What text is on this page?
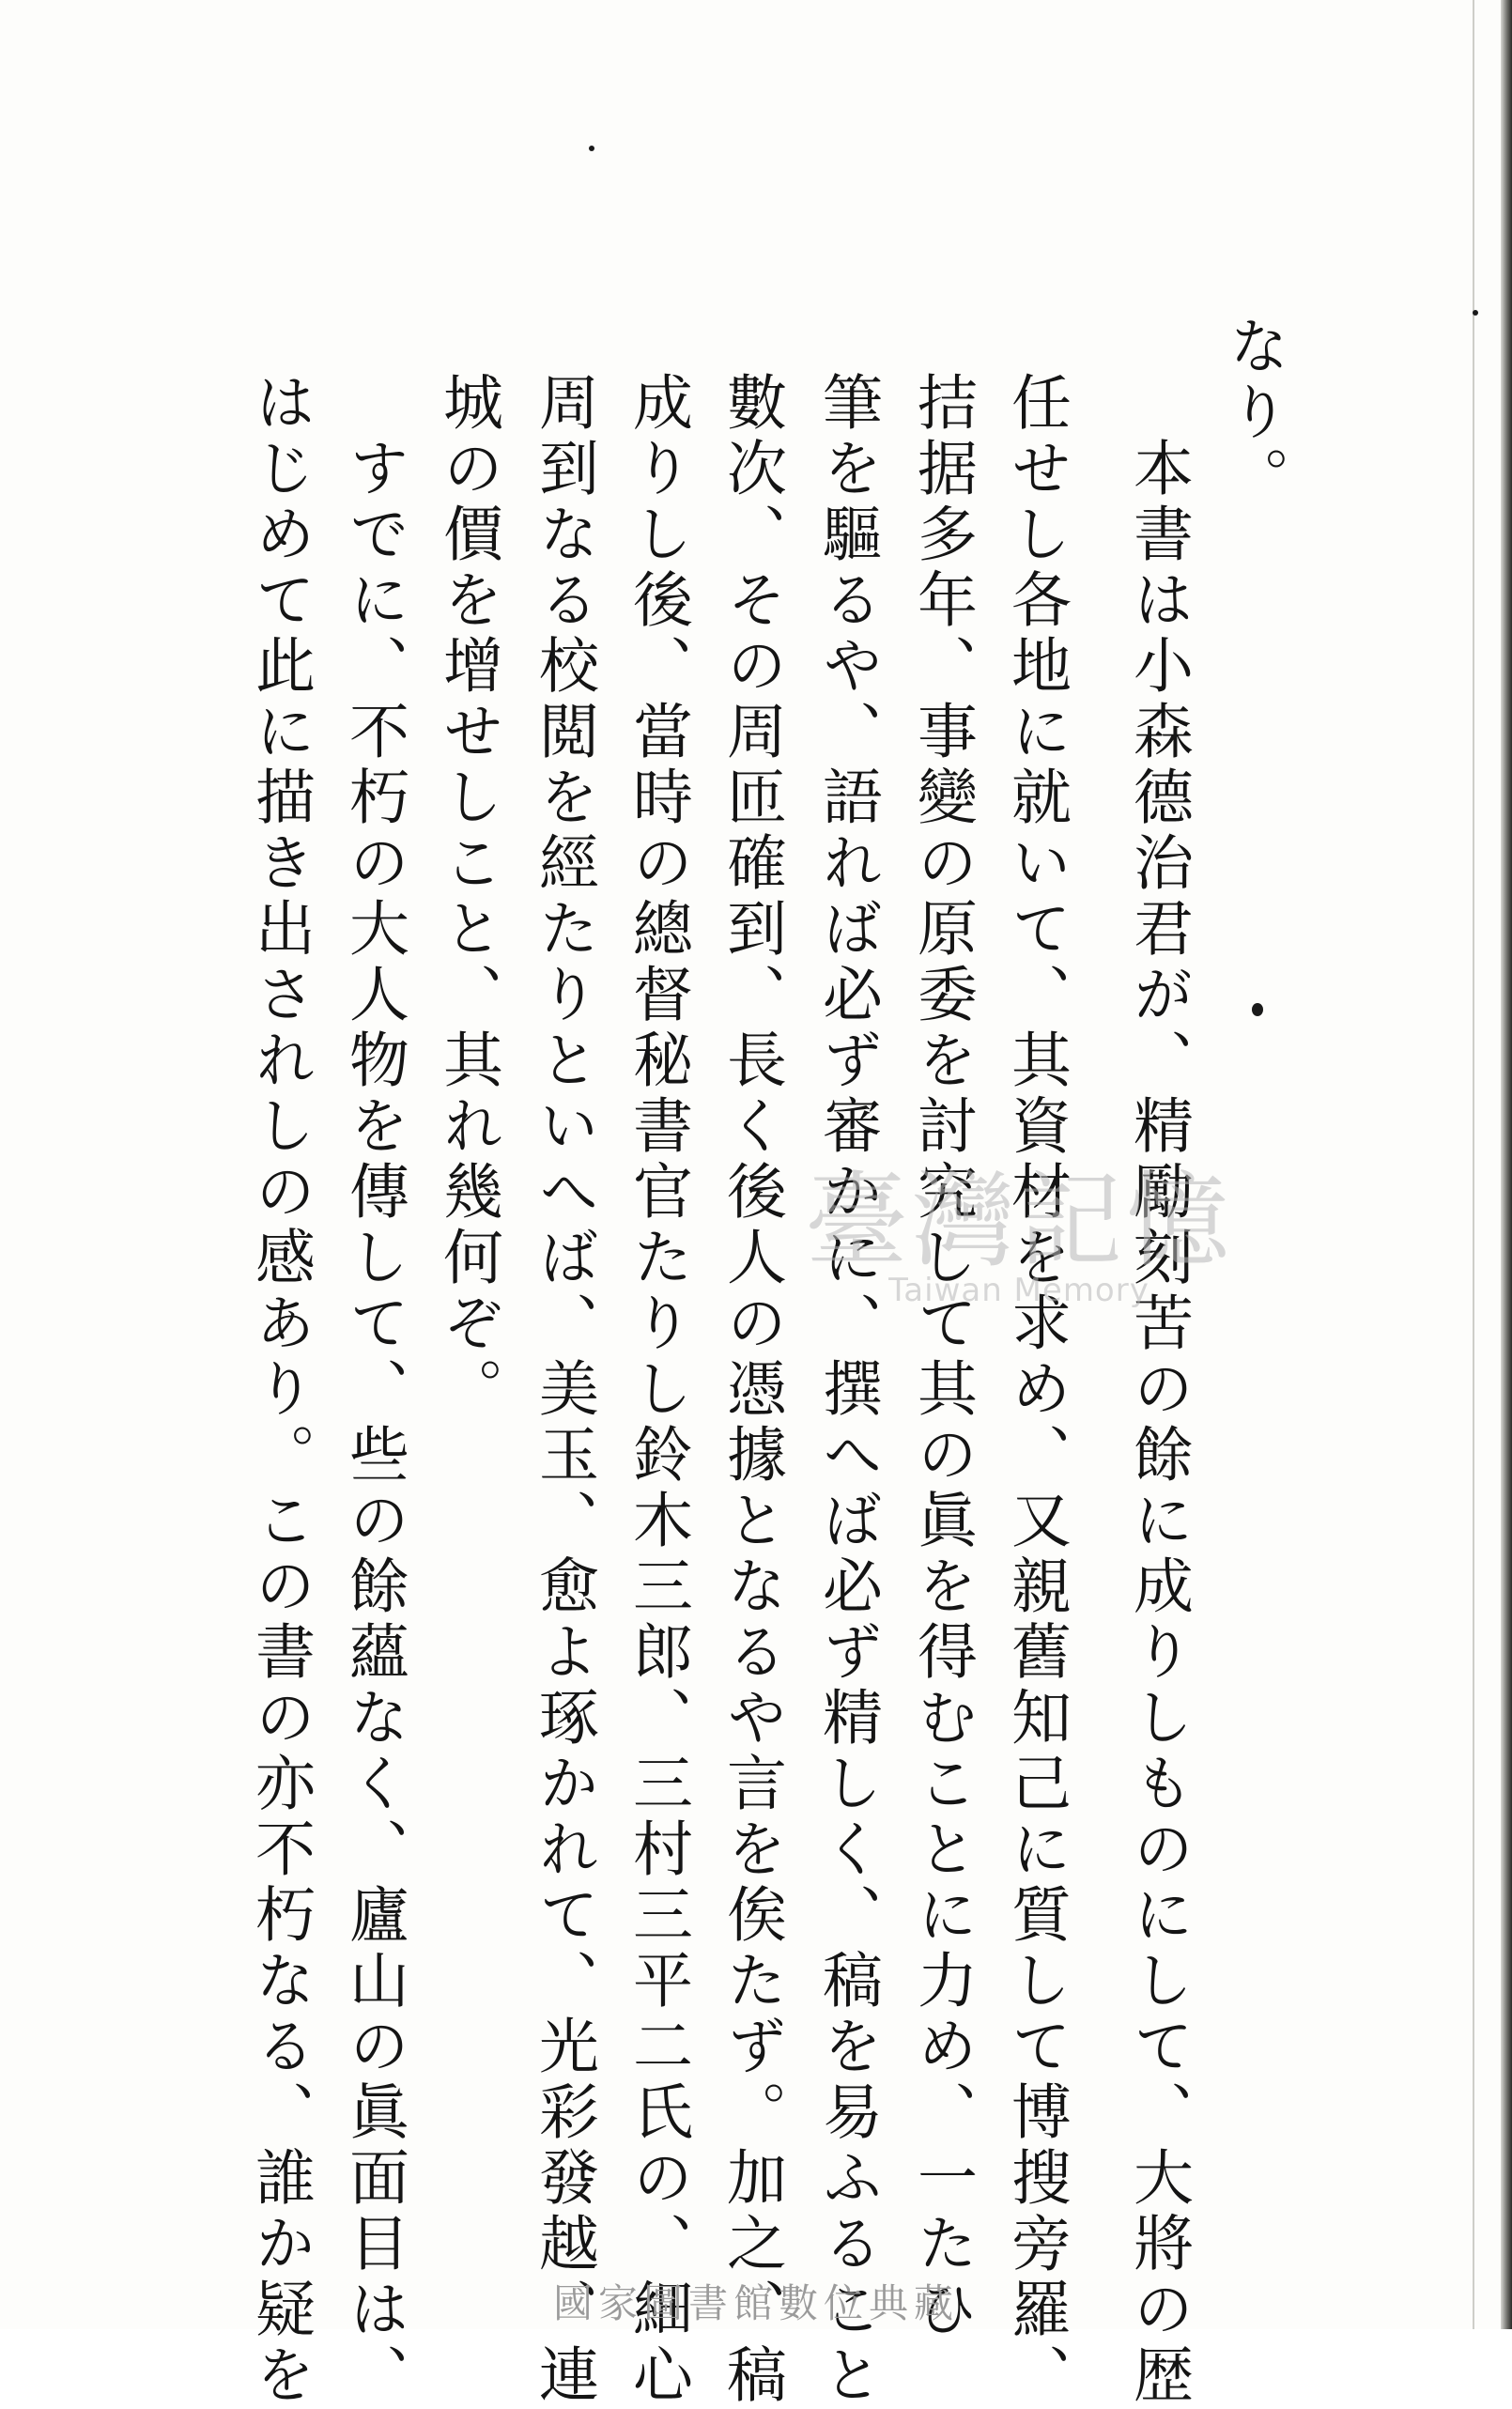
なり。
本書は小森德治君が、精勵刻苦の餘に成りしものにして、大將の歴
任せし各地に就いて、其資材を求め、又親舊知己に質して博搜旁羅、
拮据多年、事變の原委を討究して其の眞を得むことに力め、一たひ
筆を驅るや、語れば必ず審かに、撰へば必ず精しく、稿を易ふること
數次、その周匝確到、長く後人の憑據となるや言を俟たず。加之、稿
成りし後、當時の總督秘書官たりし鈴木三郎、三村三平二氏の、細心
周到なる校閲を經たりといへば、美玉、愈よ琢かれて、光彩發越、連
城の價を增せしこと、其れ幾何ぞ。
すでに、不朽の大人物を傳して、些の餘蘊なく、廬山の眞面目は、
はじめて此に描き出されしの感あり。この書の亦不朽なる、誰か疑を	臺灣記憶
Taiwan Memory
國家圖書館數位典藏
